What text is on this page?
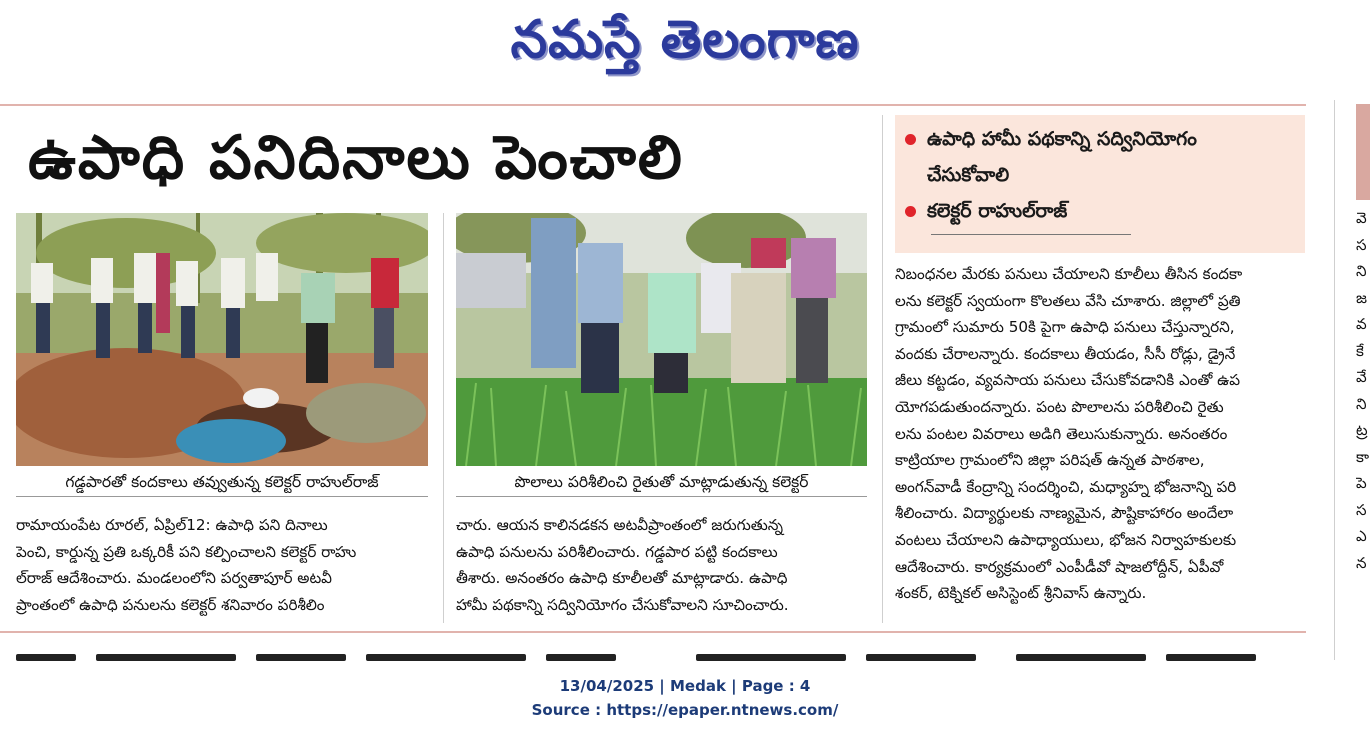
నమస్తే తెలంగాణ
ఉపాధి పనిదినాలు పెంచాలి	ఉపాధి హామీ పథకాన్ని సద్వినియోగం
చేసుకోవాలి
కలెక్టర్ రాహుల్‌రాజ్
గడ్డపారతో కందకాలు తవ్వుతున్న కలెక్టర్ రాహుల్‌రాజ్	పొలాలు పరిశీలించి రైతుతో మాట్లాడుతున్న కలెక్టర్

రామాయంపేట రూరల్, ఏప్రిల్12: ఉపాధి పని దినాలు

పెంచి, కార్డున్న ప్రతి ఒక్కరికీ పని కల్పించాలని కలెక్టర్ రాహు

ల్‌రాజ్ ఆదేశించారు. మండలంలోని పర్వతాపూర్ అటవీ

ప్రాంతంలో ఉపాధి పనులను కలెక్టర్ శనివారం పరిశీలిం

చారు. ఆయన కాలినడకన అటవీప్రాంతంలో జరుగుతున్న

ఉపాధి పనులను పరిశీలించారు. గడ్డపార పట్టి కందకాలు

తీశారు. అనంతరం ఉపాధి కూలీలతో మాట్లాడారు. ఉపాధి

హామీ పథకాన్ని సద్వినియోగం చేసుకోవాలని సూచించారు.

నిబంధనల మేరకు పనులు చేయాలని కూలీలు తీసిన కందకా

లను కలెక్టర్ స్వయంగా కొలతలు వేసి చూశారు. జిల్లాలో ప్రతి

గ్రామంలో సుమారు 50కి పైగా ఉపాధి పనులు చేస్తున్నారని,

వందకు చేరాలన్నారు. కందకాలు తీయడం, సీసీ రోడ్లు, డ్రైనే

జీలు కట్టడం, వ్యవసాయ పనులు చేసుకోవడానికి ఎంతో ఉప

యోగపడుతుందన్నారు. పంట పొలాలను పరిశీలించి రైతు

లను పంటల వివరాలు అడిగి తెలుసుకున్నారు. అనంతరం

కాట్రియాల గ్రామంలోని జిల్లా పరిషత్ ఉన్నత పాఠశాల,

అంగన్‌వాడీ కేంద్రాన్ని సందర్శించి, మధ్యాహ్న భోజనాన్ని పరి

శీలించారు. విద్యార్థులకు నాణ్యమైన, పౌష్టికాహారం అందేలా

వంటలు చేయాలని ఉపాధ్యాయులు, భోజన నిర్వాహకులకు

ఆదేశించారు. కార్యక్రమంలో ఎంపీడీవో షాజలోద్దీన్, ఏపీవో

శంకర్, టెక్నికల్ అసిస్టెంట్ శ్రీనివాస్ ఉన్నారు.

వె
స
ని
జ
వ
కే
వే
ని
ట్ర
కా
పె
స
ఎ
న
13/04/2025 | Medak | Page : 4
Source : https://epaper.ntnews.com/
